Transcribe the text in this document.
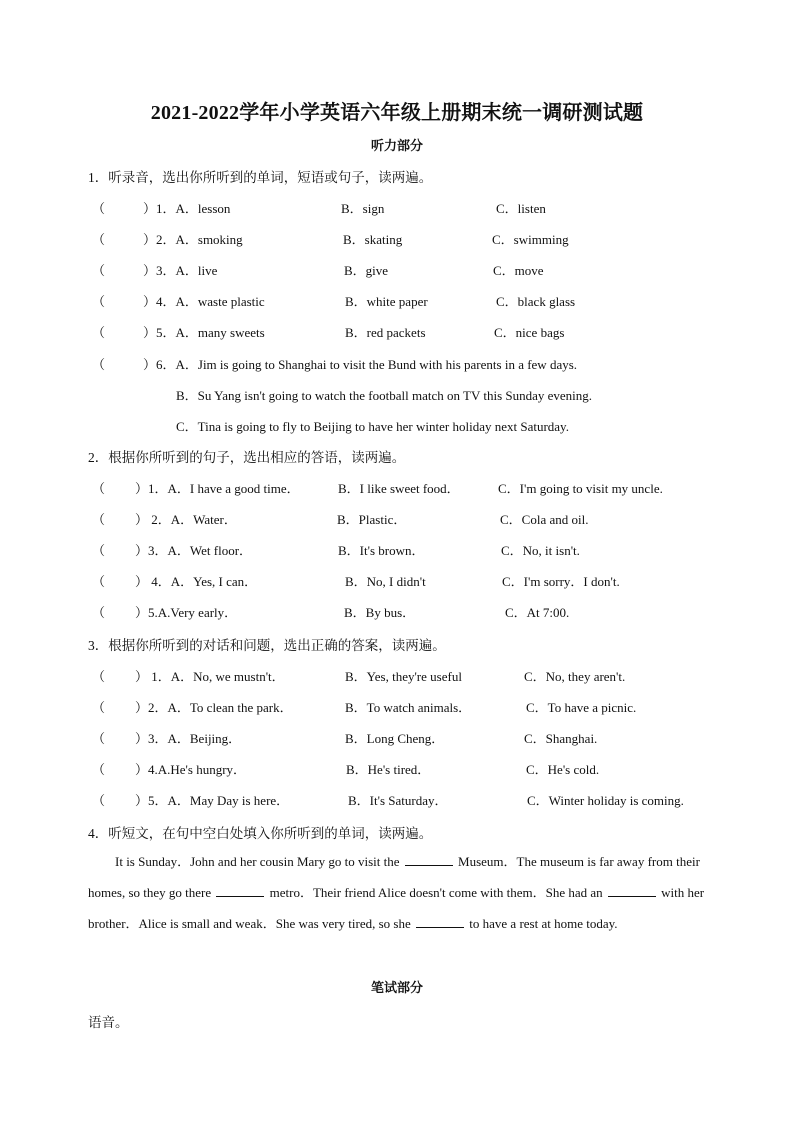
2021-2022学年小学英语六年级上册期末统一调研测试题
听力部分
1．听录音，选出你所听到的单词，短语或句子，读两遍。
（	）1．A．lesson	B．sign	C．listen
（	）2．A．smoking	B．skating	C．swimming
（	）3．A．live	B．give	C．move
（	）4．A．waste plastic	B．white paper	C．black glass
（	）5．A．many sweets	B．red packets	C．nice bags
（	）6．A．Jim is going to Shanghai to visit the Bund with his parents in a few days.
B．Su Yang isn't going to watch the football match on TV this Sunday evening.
C．Tina is going to fly to Beijing to have her winter holiday next Saturday.
2．根据你所听到的句子，选出相应的答语，读两遍。
（ ）1．A．I have a good time．	B．I like sweet food．	C．I'm going to visit my uncle.
（ ） 2．A．Water．	B．Plastic．	C．Cola and oil.
（ ）3．A．Wet floor．	B．It's brown．	C．No, it isn't.
（ ） 4．A．Yes, I can．	B．No, I didn't	C．I'm sorry．I don't.
（ ）5.A.Very early．	B．By bus．	C．At 7:00.
3．根据你所听到的对话和问题，选出正确的答案，读两遍。
（ ） 1．A．No, we mustn't．	B．Yes, they're useful	C．No, they aren't.
（ ）2．A．To clean the park．	B．To watch animals．	C．To have a picnic.
（ ）3．A．Beijing．	B．Long Cheng．	C．Shanghai.
（ ）4.A.He's hungry．	B．He's tired．	C．He's cold.
（ ）5．A．May Day is here．	B．It's Saturday．	C．Winter holiday is coming.
4．听短文，在句中空白处填入你所听到的单词，读两遍。
It is Sunday．John and her cousin Mary go to visit the	Museum．The museum is far away from their homes, so they go there	metro．Their friend Alice doesn't come with them．She had an	with her brother．Alice is small and weak．She was very tired, so she	to have a rest at home today.
笔试部分
语音。
